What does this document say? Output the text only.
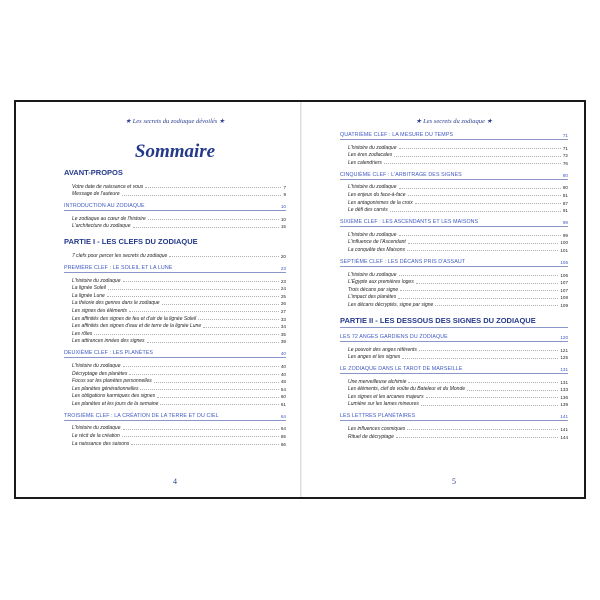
★ Les secrets du zodiaque dévoilés ★
Sommaire
AVANT-PROPOS
Votre date de naissance et vous	7
Message de l'auteure	9
INTRODUCTION AU ZODIAQUE	10
Le zodiaque au cœur de l'histoire	10
L'architecture du zodiaque	15
PARTIE I - LES CLEFS DU ZODIAQUE
7 clefs pour percer les secrets du zodiaque	20
PREMIÈRE CLEF : LE SOLEIL ET LA LUNE	23
L'histoire du zodiaque	23
La lignée Soleil	24
La lignée Lune	25
La théorie des genres dans le zodiaque	26
Les signes des éléments	27
Les affinités des signes de feu et d'air de la lignée Soleil	33
Les affinités des signes d'eau et de terre de la lignée Lune	34
Les rôles	35
Les attirances innées des signes	39
DEUXIÈME CLEF : LES PLANÈTES	40
L'histoire du zodiaque	40
Décryptage des planètes	40
Focus sur les planètes personnelles	48
Les planètes générationnelles	54
Les obligations karmiques des signes	60
Les planètes et les jours de la semaine	61
TROISIÈME CLEF : LA CRÉATION DE LA TERRE ET DU CIEL	64
L'histoire du zodiaque	64
Le récit de la création	65
La naissance des saisons	66
4
★ Les secrets du zodiaque ★
QUATRIÈME CLEF : LA MESURE DU TEMPS	71
L'histoire du zodiaque	71
Les ères zodiacales	72
Les calendriers	76
CINQUIÈME CLEF : L'ARBITRAGE DES SIGNES	80
L'histoire du zodiaque	80
Les enjeux du face-à-face	81
Les antagonismes de la croix	87
Le défi des carrés	91
SIXIÈME CLEF : LES ASCENDANTS ET LES MAISONS	99
L'histoire du zodiaque	99
L'influence de l'Ascendant	100
La conquête des Maisons	101
SEPTIÈME CLEF : LES DÉCANS PRIS D'ASSAUT	106
L'histoire du zodiaque	106
L'Égypte aux premières loges	107
Trois décans par signe	107
L'impact des planètes	108
Les décans décryptés, signe par signe	109
PARTIE II - LES DESSOUS DES SIGNES DU ZODIAQUE
LES 72 ANGES GARDIENS DU ZODIAQUE	120
Le pouvoir des anges référents	121
Les anges et les signes	125
LE ZODIAQUE DANS LE TAROT DE MARSEILLE	131
Une merveilleuse alchimie	131
Les éléments, clef de voûte du Bateleur et du Monde	133
Les signes et les arcanes majeurs	136
Lumière sur les lames mineures	139
LES LETTRES PLANÉTAIRES	141
Les influences cosmiques	141
Rituel de décryptage	144
5
